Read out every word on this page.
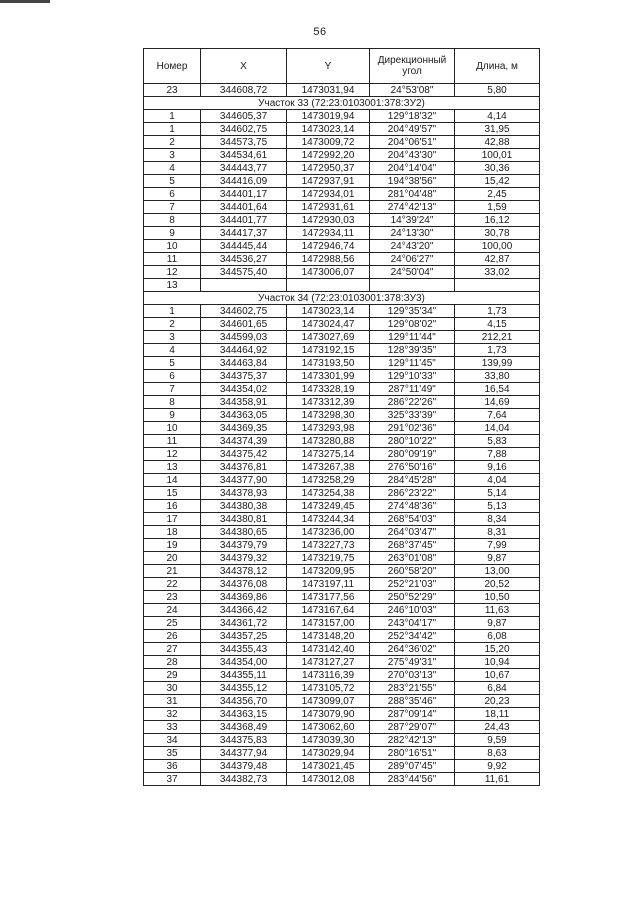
56
Номер	X	Y	Дирекционный угол	Длина, м
23	344608,72	1473031,94	24°53'08"	5,80
Участок 33 (72:23:0103001:378:ЗУ2)				
1	344605,37	1473019,94	129°18'32"	4,14
1	344602,75	1473023,14	204°49'57"	31,95
2	344573,75	1473009,72	204°06'51"	42,88
3	344534,61	1472992,20	204°43'30"	100,01
4	344443,77	1472950,37	204°14'04"	30,36
5	344416,09	1472937,91	194°38'56"	15,42
6	344401,17	1472934,01	281°04'48"	2,45
7	344401,64	1472931,61	274°42'13"	1,59
8	344401,77	1472930,03	14°39'24"	16,12
9	344417,37	1472934,11	24°13'30"	30,78
10	344445,44	1472946,74	24°43'20"	100,00
11	344536,27	1472988,56	24°06'27"	42,87
12	344575,40	1473006,07	24°50'04"	33,02
13				
Участок 34 (72:23:0103001:378:ЗУ3)				
1	344602,75	1473023,14	129°35'34"	1,73
2	344601,65	1473024,47	129°08'02"	4,15
3	344599,03	1473027,69	129°11'44"	212,21
4	344464,92	1473192,15	128°39'35"	1,73
5	344463,84	1473193,50	129°11'45"	139,99
6	344375,37	1473301,99	129°10'33"	33,80
7	344354,02	1473328,19	287°11'49"	16,54
8	344358,91	1473312,39	286°22'26"	14,69
9	344363,05	1473298,30	325°33'39"	7,64
10	344369,35	1473293,98	291°02'36"	14,04
11	344374,39	1473280,88	280°10'22"	5,83
12	344375,42	1473275,14	280°09'19"	7,88
13	344376,81	1473267,38	276°50'16"	9,16
14	344377,90	1473258,29	284°45'28"	4,04
15	344378,93	1473254,38	286°23'22"	5,14
16	344380,38	1473249,45	274°48'36"	5,13
17	344380,81	1473244,34	268°54'03"	8,34
18	344380,65	1473236,00	264°03'47"	8,31
19	344379,79	1473227,73	268°37'45"	7,99
20	344379,32	1473219,75	263°01'08"	9,87
21	344378,12	1473209,95	260°58'20"	13,00
22	344376,08	1473197,11	252°21'03"	20,52
23	344369,86	1473177,56	250°52'29"	10,50
24	344366,42	1473167,64	246°10'03"	11,63
25	344361,72	1473157,00	243°04'17"	9,87
26	344357,25	1473148,20	252°34'42"	6,08
27	344355,43	1473142,40	264°36'02"	15,20
28	344354,00	1473127,27	275°49'31"	10,94
29	344355,11	1473116,39	270°03'13"	10,67
30	344355,12	1473105,72	283°21'55"	6,84
31	344356,70	1473099,07	288°35'46"	20,23
32	344363,15	1473079,90	287°09'14"	18,11
33	344368,49	1473062,60	287°29'07"	24,43
34	344375,83	1473039,30	282°42'13"	9,59
35	344377,94	1473029,94	280°16'51"	8,63
36	344379,48	1473021,45	289°07'45"	9,92
37	344382,73	1473012,08	283°44'56"	11,61
